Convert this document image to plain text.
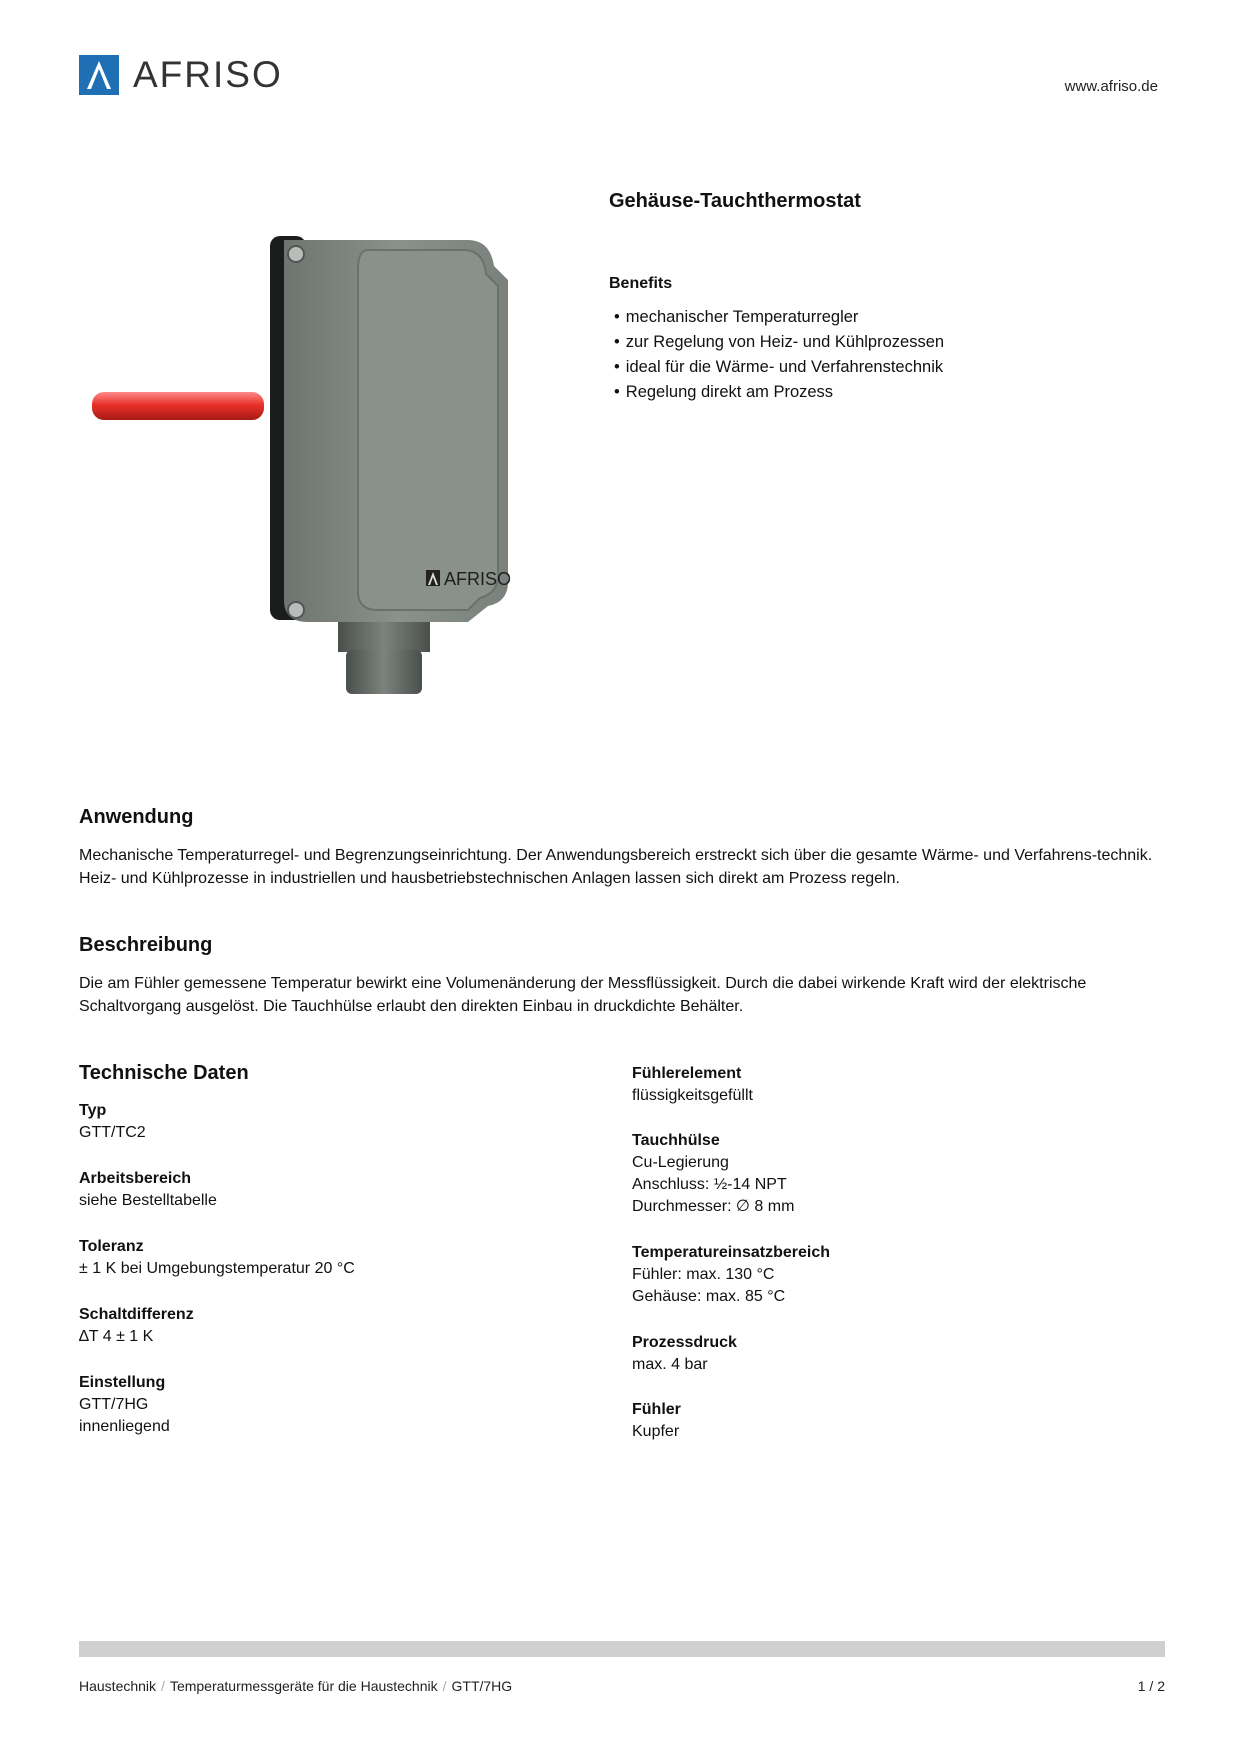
AFRISO	www.afriso.de
AFRISO
Gehäuse-Tauchthermostat
Benefits
• mechanischer Temperaturregler
• zur Regelung von Heiz- und Kühlprozessen
• ideal für die Wärme- und Verfahrenstechnik
• Regelung direkt am Prozess
Anwendung
Mechanische Temperaturregel- und Begrenzungseinrichtung. Der Anwendungsbereich erstreckt sich über die gesamte Wärme- und Verfahrens-technik. Heiz- und Kühlprozesse in industriellen und hausbetriebstechnischen Anlagen lassen sich direkt am Prozess regeln.
Beschreibung
Die am Fühler gemessene Temperatur bewirkt eine Volumenänderung der Messflüssigkeit. Durch die dabei wirkende Kraft wird der elektrische Schaltvorgang ausgelöst. Die Tauchhülse erlaubt den direkten Einbau in druckdichte Behälter.
Technische Daten
Typ
GTT/TC2
Arbeitsbereich
siehe Bestelltabelle
Toleranz
± 1 K bei Umgebungstemperatur 20 °C
Schaltdifferenz
∆T 4 ± 1 K
Einstellung
GTT/7HG
innenliegend
Fühlerelement
flüssigkeitsgefüllt
Tauchhülse
Cu-Legierung
Anschluss: ½-14 NPT
Durchmesser: ∅ 8 mm
Temperatureinsatzbereich
Fühler: max. 130 °C
Gehäuse: max. 85 °C
Prozessdruck
max. 4 bar
Fühler
Kupfer
Haustechnik / Temperaturmessgeräte für die Haustechnik / GTT/7HG	1 / 2
